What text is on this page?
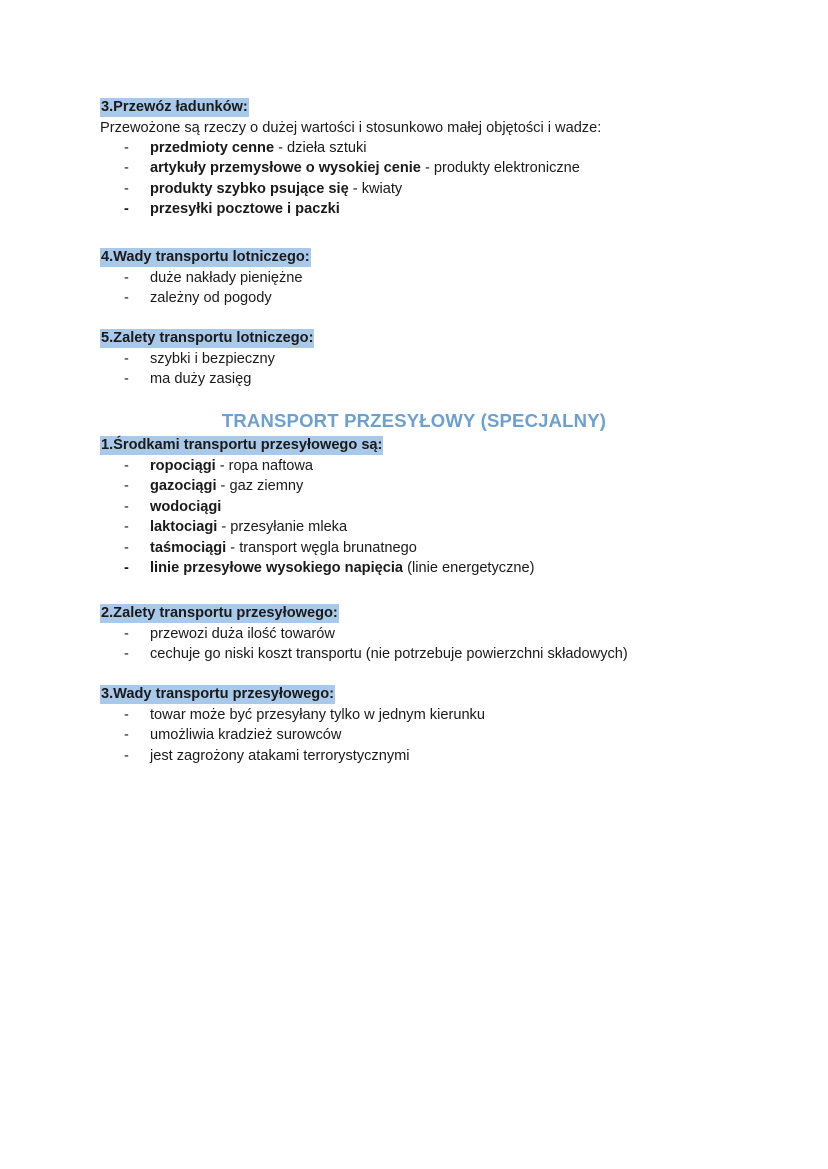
3.Przewóz ładunków:
Przewożone są rzeczy o dużej wartości i stosunkowo małej objętości i wadze:
- przedmioty cenne - dzieła sztuki
- artykuły przemysłowe o wysokiej cenie - produkty elektroniczne
- produkty szybko psujące się - kwiaty
- przesyłki pocztowe i paczki
4.Wady transportu lotniczego:
- duże nakłady pieniężne
- zależny od pogody
5.Zalety transportu lotniczego:
- szybki i bezpieczny
- ma duży zasięg
TRANSPORT PRZESYŁOWY (SPECJALNY)
1.Środkami transportu przesyłowego są:
- ropociągi - ropa naftowa
- gazociągi - gaz ziemny
- wodociągi
- laktociagi - przesyłanie mleka
- taśmociągi - transport węgla brunatnego
- linie przesyłowe wysokiego napięcia (linie energetyczne)
2.Zalety transportu przesyłowego:
- przewozi duża ilość towarów
- cechuje go niski koszt transportu (nie potrzebuje powierzchni składowych)
3.Wady transportu przesyłowego:
- towar może być przesyłany tylko w jednym kierunku
- umożliwia kradzież surowców
- jest zagrożony atakami terrorystycznymi
